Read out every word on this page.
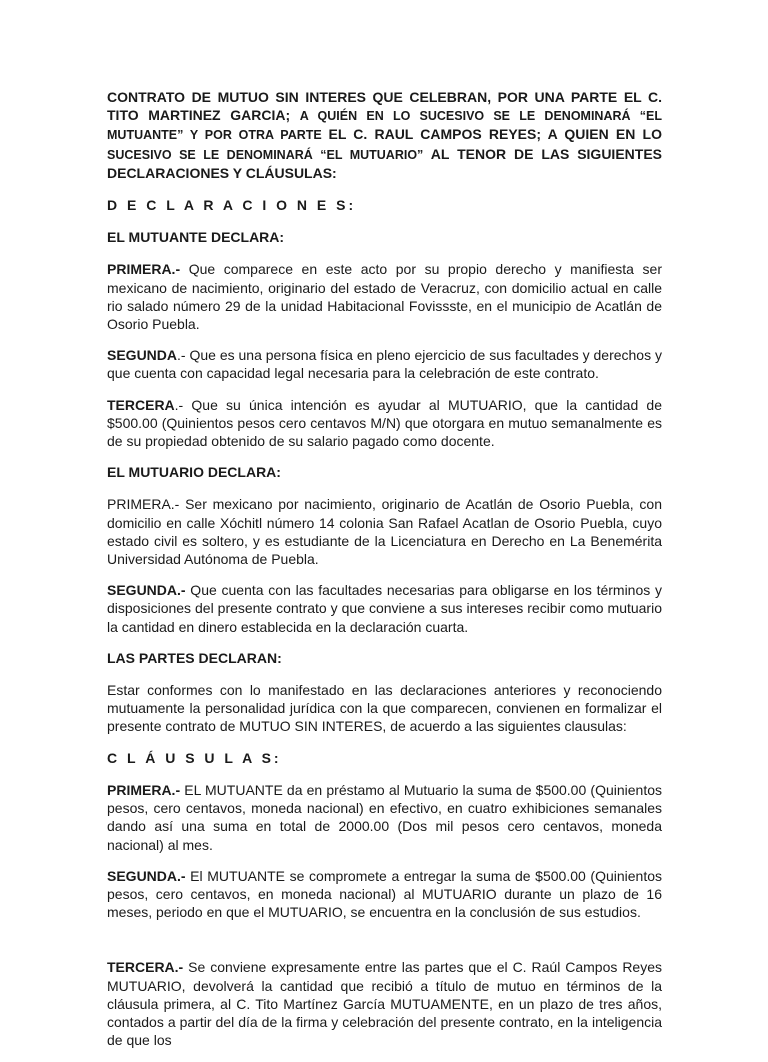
CONTRATO DE MUTUO SIN INTERES QUE CELEBRAN, POR UNA PARTE EL C. TITO MARTINEZ GARCIA; A QUIÉN EN LO SUCESIVO SE LE DENOMINARÁ “EL MUTUANTE” Y POR OTRA PARTE EL C. RAUL CAMPOS REYES; A QUIEN EN LO SUCESIVO SE LE DENOMINARÁ “EL MUTUARIO” AL TENOR DE LAS SIGUIENTES DECLARACIONES Y CLÁUSULAS:

D E C L A R A C I O N E S:

EL MUTUANTE DECLARA:

PRIMERA.- Que comparece en este acto por su propio derecho y manifiesta ser mexicano de nacimiento, originario del estado de Veracruz, con domicilio actual en calle rio salado número 29 de la unidad Habitacional Fovissste, en el municipio de Acatlán de Osorio Puebla.

SEGUNDA.- Que es una persona física en pleno ejercicio de sus facultades y derechos y que cuenta con capacidad legal necesaria para la celebración de este contrato.

TERCERA.- Que su única intención es ayudar al MUTUARIO, que la cantidad de $500.00 (Quinientos pesos cero centavos M/N) que otorgara en mutuo semanalmente es de su propiedad obtenido de su salario pagado como docente.

EL MUTUARIO DECLARA:

PRIMERA.- Ser mexicano por nacimiento, originario de Acatlán de Osorio Puebla, con domicilio en calle Xóchitl número 14 colonia San Rafael Acatlan de Osorio Puebla, cuyo estado civil es soltero, y es estudiante de la Licenciatura en Derecho en La Benemérita Universidad Autónoma de Puebla.

SEGUNDA.- Que cuenta con las facultades necesarias para obligarse en los términos y disposiciones del presente contrato y que conviene a sus intereses recibir como mutuario la cantidad en dinero establecida en la declaración cuarta.

LAS PARTES DECLARAN:

Estar conformes con lo manifestado en las declaraciones anteriores y reconociendo mutuamente la personalidad jurídica con la que comparecen, convienen en formalizar el presente contrato de MUTUO SIN INTERES, de acuerdo a las siguientes clausulas:

C L Á U S U L A S:

PRIMERA.- EL MUTUANTE da en préstamo al Mutuario la suma de $500.00 (Quinientos pesos, cero centavos, moneda nacional) en efectivo, en cuatro exhibiciones semanales dando así una suma en total de 2000.00 (Dos mil pesos cero centavos, moneda nacional) al mes.

SEGUNDA.- El MUTUANTE se compromete a entregar la suma de $500.00 (Quinientos pesos, cero centavos, en moneda nacional) al MUTUARIO durante un plazo de 16 meses, periodo en que el MUTUARIO, se encuentra en la conclusión de sus estudios.

TERCERA.- Se conviene expresamente entre las partes que el C. Raúl Campos Reyes MUTUARIO, devolverá la cantidad que recibió a título de mutuo en términos de la cláusula primera, al C. Tito Martínez García MUTUAMENTE, en un plazo de tres años, contados a partir del día de la firma y celebración del presente contrato, en la inteligencia de que los
